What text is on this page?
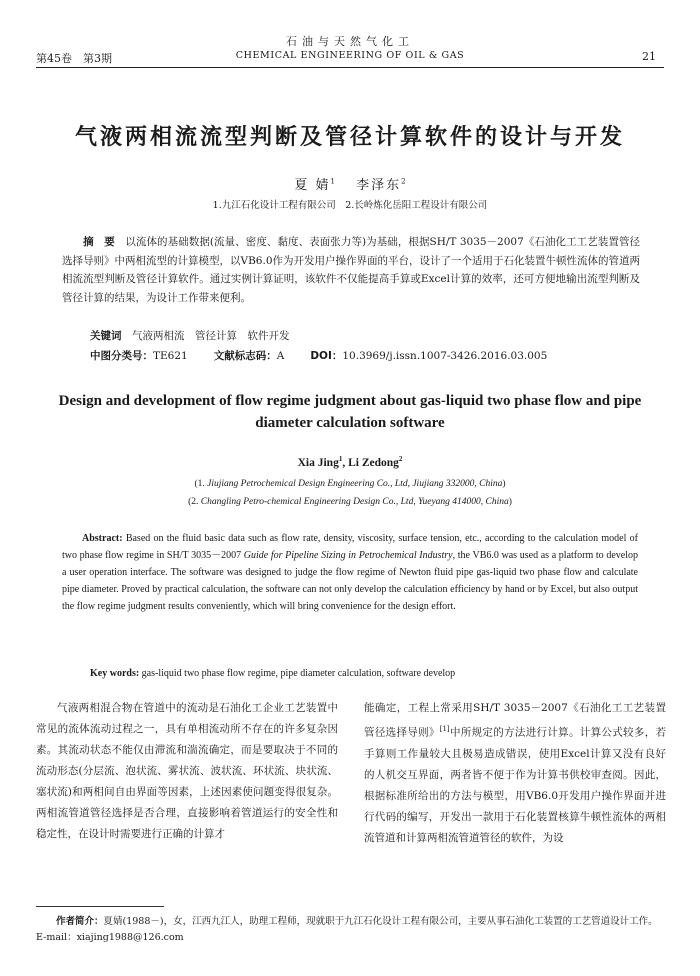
第45卷　第3期
石油与天然气化工
CHEMICAL ENGINEERING OF OIL & GAS	21
气液两相流流型判断及管径计算软件的设计与开发
夏 婧$^1$　 李泽东$^2$
1.九江石化设计工程有限公司　2.长岭炼化岳阳工程设计有限公司
摘　要　 以流体的基础数据(流量、密度、黏度、表面张力等)为基础，根据SH/T 3035－2007《石油化工工艺装置管径选择导则》中两相流型的计算模型，以VB6.0作为开发用户操作界面的平台，设计了一个适用于石化装置牛顿性流体的管道两相流流型判断及管径计算软件。通过实例计算证明，该软件不仅能提高手算或Excel计算的效率，还可方便地输出流型判断及管径计算的结果，为设计工作带来便利。
关键词　 气液两相流　管径计算　软件开发
中图分类号：TE621 文献标志码：A DOI：10.3969/j.issn.1007-3426.2016.03.005
Design and development of flow regime judgment about gas-liquid two phase flow and pipe diameter calculation software
Xia Jing$^1$, Li Zedong$^2$
(1. Jiujiang Petrochemical Design Engineering Co., Ltd, Jiujiang 332000, China)
(2. Changling Petro-chemical Engineering Design Co., Ltd, Yueyang 414000, China)
Abstract: Based on the fluid basic data such as flow rate, density, viscosity, surface tension, etc., according to the calculation model of two phase flow regime in SH/T 3035－2007 Guide for Pipeline Sizing in Petrochemical Industry, the VB6.0 was used as a platform to develop a user operation interface. The software was designed to judge the flow regime of Newton fluid pipe gas-liquid two phase flow and calculate pipe diameter. Proved by practical calculation, the software can not only develop the calculation efficiency by hand or by Excel, but also output the flow regime judgment results conveniently, which will bring convenience for the design effort.
Key words: gas-liquid two phase flow regime, pipe diameter calculation, software develop
气液两相混合物在管道中的流动是石油化工企业工艺装置中常见的流体流动过程之一，具有单相流动所不存在的许多复杂因素。其流动状态不能仅由滞流和湍流确定，而是要取决于不同的流动形态(分层流、泡状流、雾状流、波状流、环状流、块状流、塞状流)和两相间自由界面等因素，上述因素使问题变得很复杂。两相流管道管径选择是否合理，直接影响着管道运行的安全性和稳定性，在设计时需要进行正确的计算才
能确定，工程上常采用SH/T 3035－2007《石油化工工艺装置管径选择导则》[1]中所规定的方法进行计算。计算公式较多，若手算则工作量较大且极易造成错误，使用Excel计算又没有良好的人机交互界面，两者皆不便于作为计算书供校审查阅。因此，根据标准所给出的方法与模型，用VB6.0开发用户操作界面并进行代码的编写，开发出一款用于石化装置核算牛顿性流体的两相流管道和计算两相流管道管径的软件，为设
作者简介：夏婧(1988－)，女，江西九江人，助理工程师，现就职于九江石化设计工程有限公司，主要从事石油化工装置的工艺管道设计工作。E-mail：xiajing1988@126.com
